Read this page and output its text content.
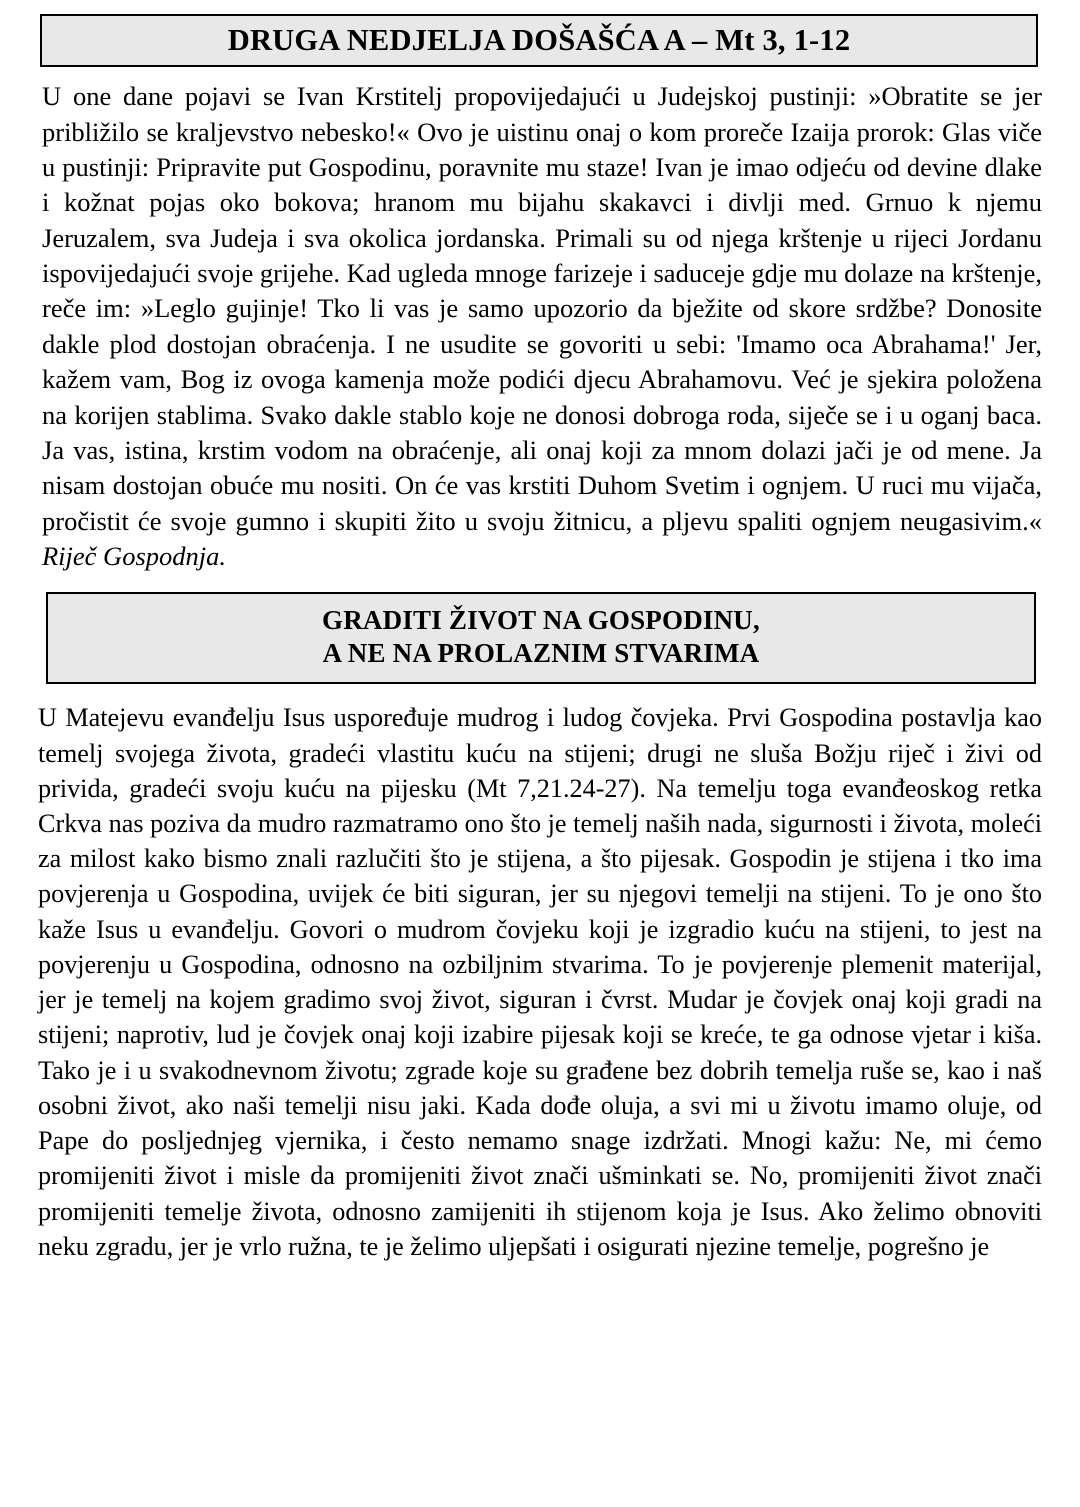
DRUGA NEDJELJA DOŠAŠĆA A – Mt 3, 1-12

U one dane pojavi se Ivan Krstitelj propovijedajući u Judejskoj pustinji: »Obratite se jer približilo se kraljevstvo nebesko!« Ovo je uistinu onaj o kom proreče Izaija prorok: Glas viče u pustinji: Pripravite put Gospodinu, poravnite mu staze! Ivan je imao odjeću od devine dlake i kožnat pojas oko bokova; hranom mu bijahu skakavci i divlji med. Grnuo k njemu Jeruzalem, sva Judeja i sva okolica jordanska. Primali su od njega krštenje u rijeci Jordanu ispovijedajući svoje grijehe. Kad ugleda mnoge farizeje i saduceje gdje mu dolaze na krštenje, reče im: »Leglo gujinje! Tko li vas je samo upozorio da bježite od skore srdžbe? Donosite dakle plod dostojan obraćenja. I ne usudite se govoriti u sebi: 'Imamo oca Abrahama!' Jer, kažem vam, Bog iz ovoga kamenja može podići djecu Abrahamovu. Već je sjekira položena na korijen stablima. Svako dakle stablo koje ne donosi dobroga roda, siječe se i u oganj baca. Ja vas, istina, krstim vodom na obraćenje, ali onaj koji za mnom dolazi jači je od mene. Ja nisam dostojan obuće mu nositi. On će vas krstiti Duhom Svetim i ognjem. U ruci mu vijača, pročistit će svoje gumno i skupiti žito u svoju žitnicu, a pljevu spaliti ognjem neugasivim.« Riječ Gospodnja.

GRADITI ŽIVOT NA GOSPODINU,
A NE NA PROLAZNIM STVARIMA

U Matejevu evanđelju Isus uspoređuje mudrog i ludog čovjeka. Prvi Gospodina postavlja kao temelj svojega života, gradeći vlastitu kuću na stijeni; drugi ne sluša Božju riječ i živi od privida, gradeći svoju kuću na pijesku (Mt 7,21.24-27). Na temelju toga evanđeoskog retka Crkva nas poziva da mudro razmatramo ono što je temelj naših nada, sigurnosti i života, moleći za milost kako bismo znali razlučiti što je stijena, a što pijesak. Gospodin je stijena i tko ima povjerenja u Gospodina, uvijek će biti siguran, jer su njegovi temelji na stijeni. To je ono što kaže Isus u evanđelju. Govori o mudrom čovjeku koji je izgradio kuću na stijeni, to jest na povjerenju u Gospodina, odnosno na ozbiljnim stvarima. To je povjerenje plemenit materijal, jer je temelj na kojem gradimo svoj život, siguran i čvrst. Mudar je čovjek onaj koji gradi na stijeni; naprotiv, lud je čovjek onaj koji izabire pijesak koji se kreće, te ga odnose vjetar i kiša. Tako je i u svakodnevnom životu; zgrade koje su građene bez dobrih temelja ruše se, kao i naš osobni život, ako naši temelji nisu jaki. Kada dođe oluja, a svi mi u životu imamo oluje, od Pape do posljednjeg vjernika, i često nemamo snage izdržati. Mnogi kažu: Ne, mi ćemo promijeniti život i misle da promijeniti život znači ušminkati se. No, promijeniti život znači promijeniti temelje života, odnosno zamijeniti ih stijenom koja je Isus. Ako želimo obnoviti neku zgradu, jer je vrlo ružna, te je želimo uljepšati i osigurati njezine temelje, pogrešno je
